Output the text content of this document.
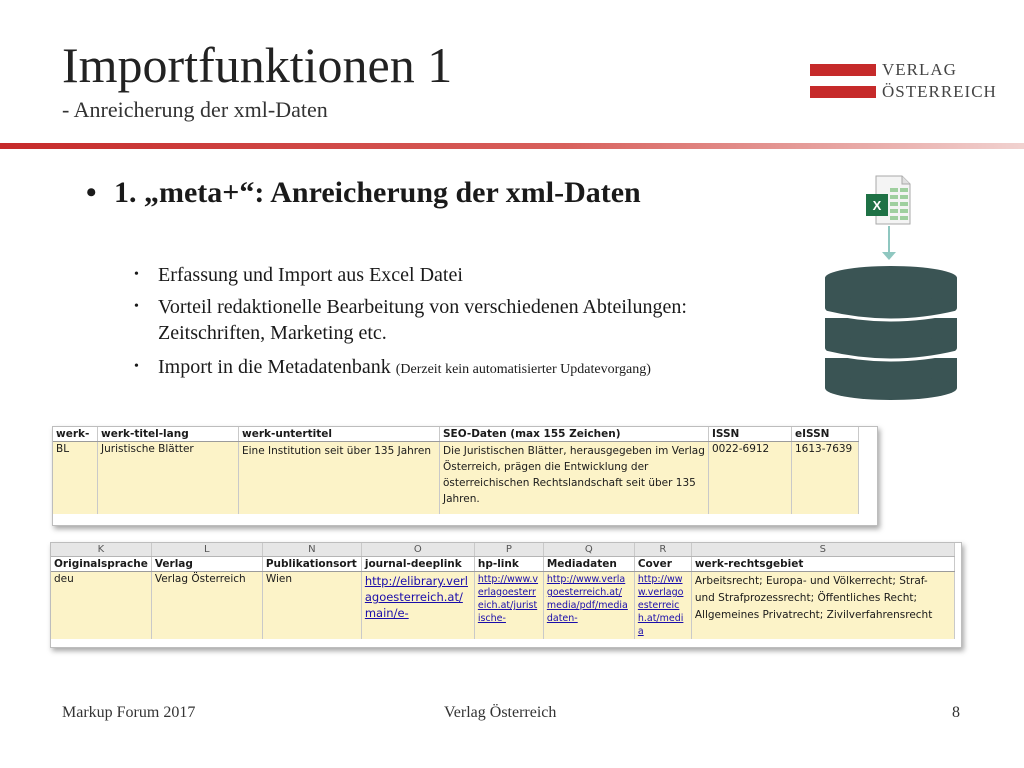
Importfunktionen 1
- Anreicherung der xml-Daten
VERLAG
ÖSTERREICH
• 1. „meta+“: Anreicherung der xml-Daten
• Erfassung und Import aus Excel Datei
• Vorteil redaktionelle Bearbeitung von verschiedenen Abteilungen: Zeitschriften, Marketing etc.
• Import in die Metadatenbank (Derzeit kein automatisierter Updatevorgang)
X
werk-	werk-titel-lang	werk-untertitel	SEO-Daten (max 155 Zeichen)	ISSN	eISSN
BL	Juristische Blätter	Eine Institution seit über 135 Jahren	Die Juristischen Blätter, herausgegeben im Verlag Österreich, prägen die Entwicklung der österreichischen Rechtslandschaft seit über 135 Jahren.	0022-6912	1613-7639
K	L	N	O	P	Q	R	S
Originalsprache	Verlag	Publikationsort	journal-deeplink	hp-link	Mediadaten	Cover	werk-rechtsgebiet
deu	Verlag Österreich	Wien	http://elibrary.verlagoesterreich.at/main/e-	http://www.verlagoesterreich.at/juristische-	http://www.verlagoesterreich.at/media/pdf/mediadaten-	http://www.verlagoesterreich.at/media	Arbeitsrecht; Europa- und Völkerrecht; Straf- und Strafprozessrecht; Öffentliches Recht; Allgemeines Privatrecht; Zivilverfahrensrecht
Markup Forum 2017	Verlag Österreich	8
